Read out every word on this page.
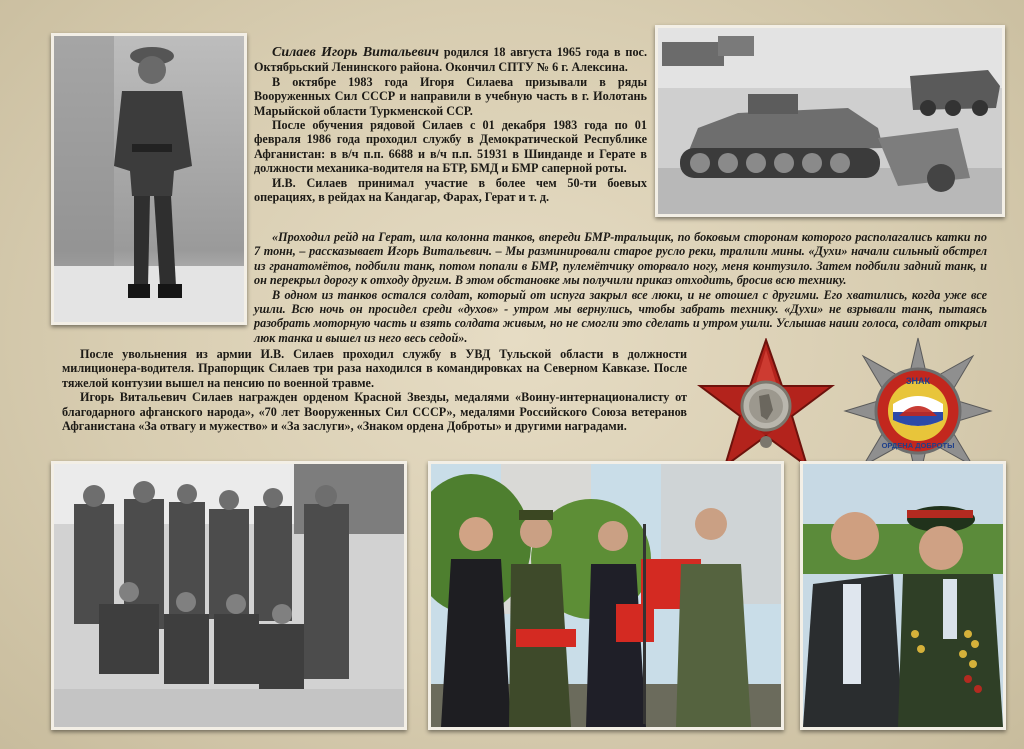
Силаев Игорь Витальевич родился 18 августа 1965 года в пос. Октябрьский Ленинского района. Окончил СПТУ № 6 г. Алексина.

В октябре 1983 года Игоря Силаева призывали в ряды Вооруженных Сил СССР и направили в учебную часть в г. Иолотань Марыйской области Туркменской ССР.

После обучения рядовой Силаев с 01 декабря 1983 года по 01 февраля 1986 года проходил службу в Демократической Республике Афганистан: в в/ч п.п. 6688 и в/ч п.п. 51931 в Шиндандe и Герате в должности механика-водителя на БТР, БМД и БМР саперной роты.

И.В. Силаев принимал участие в более чем 50-ти боевых операциях, в рейдах на Кандагар, Фарах, Герат и т. д.

«Проходил рейд на Герат, шла колонна танков, впереди БМР-тральщик, по боковым сторонам которого располагались катки по 7 тонн, – рассказывает Игорь Витальевич. – Мы разминировали старое русло реки, тралили мины. «Духи» начали сильный обстрел из гранатомётов, подбили танк, потом попали в БМР, пулемётчику оторвало ногу, меня контузило. Затем подбили задний танк, и он перекрыл дорогу к отходу другим. В этом обстановке мы получили приказ отходить, бросив всю технику.

В одном из танков остался солдат, который от испуга закрыл все люки, и не отошел с другими. Его хватились, когда уже все ушли. Всю ночь он просидел среди «духов» - утром мы вернулись, чтобы забрать технику. «Духи» не взрывали танк, пытаясь разобрать моторную часть и взять солдата живым, но не смогли это сделать и утром ушли. Услышав наши голоса, солдат открыл люк танка и вышел из него весь седой».

После увольнения из армии И.В. Силаев проходил службу в УВД Тульской области в должности милиционера-водителя. Прапорщик Силаев три раза находился в командировках на Северном Кавказе. После тяжелой контузии вышел на пенсию по военной травме.

Игорь Витальевич Силаев награжден орденом Красной Звезды, медалями «Воину-интернационалисту от благодарного афганского народа», «70 лет Вооруженных Сил СССР», медалями Российского Союза ветеранов Афганистана «За отвагу и мужество» и «За заслуги», «Знаком ордена Доброты» и другими наградами.

ЗНАК
ОРДЕНА ДОБРОТЫ
